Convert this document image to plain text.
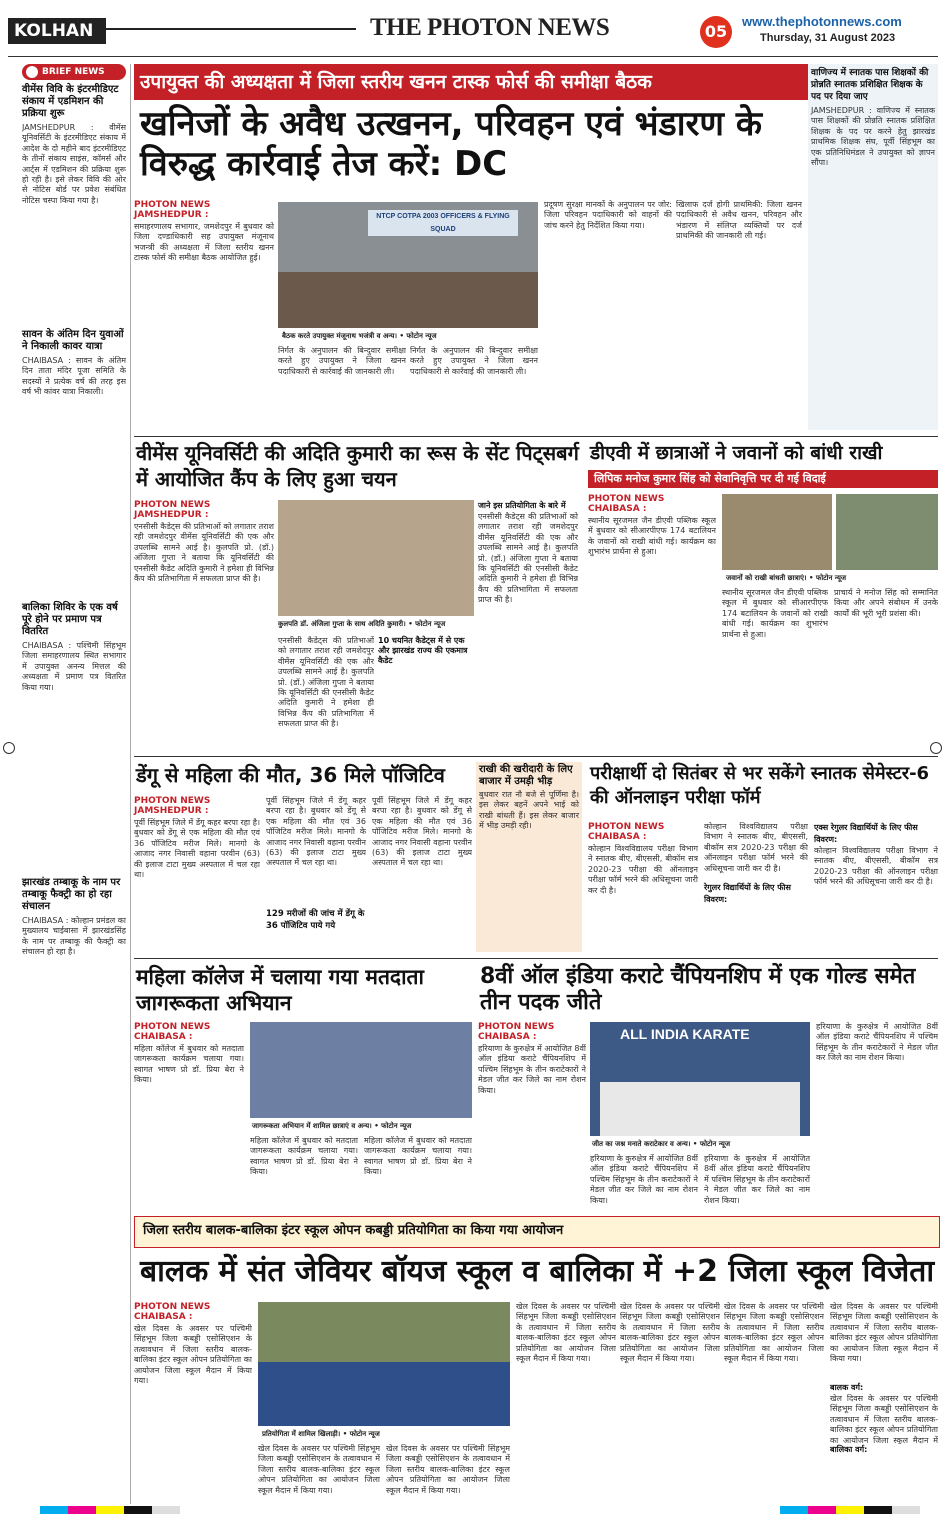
KOLHAN	THE PHOTON NEWS	05
www.thephotonnews.com
Thursday, 31 August 2023
$^{BRIEF NEWS}$
वीमेंस विवि के इंटरमीडिएट संकाय में एडमिशन की प्रक्रिया शुरू
JAMSHEDPUR : वीमेंस यूनिवर्सिटी के इंटरमीडिएट संकाय में आदेश के दो महीने बाद इंटरमीडिएट के तीनों संकाय साइंस, कॉमर्स और आर्ट्स में एडमिशन की प्रक्रिया शुरू हो रही है। इसे लेकर विवि की ओर से नोटिस बोर्ड पर प्रवेश संबंधित नोटिस चस्पा किया गया है।
सावन के अंतिम दिन युवाओं ने निकाली कावर यात्रा
CHAIBASA : सावन के अंतिम दिन ताता मंदिर पूजा समिति के सदस्यों ने प्रत्येक वर्ष की तरह इस वर्ष भी कांवर यात्रा निकाली।
बालिका शिविर के एक वर्ष पूरे होने पर प्रमाण पत्र वितरित
CHAIBASA : पश्चिमी सिंहभूम जिला समाहरणालय स्थित सभागार में उपायुक्त अनन्य मित्तल की अध्यक्षता में प्रमाण पत्र वितरित किया गया।
झारखंड तम्बाकू के नाम पर तम्बाकू फैक्ट्री का हो रहा संचालन
CHAIBASA : कोल्हान प्रमंडल का मुख्यालय चाईबासा में झारखंडसिंह के नाम पर तम्बाकू की फैक्ट्री का संचालन हो रहा है।
उपायुक्त की अध्यक्षता में जिला स्तरीय खनन टास्क फोर्स की समीक्षा बैठक
खनिजों के अवैध उत्खनन, परिवहन एवं भंडारण के विरुद्ध कार्रवाई तेज करें: DC
PHOTON NEWS JAMSHEDPUR :
समाहरणालय सभागार, जमशेदपुर में बुधवार को जिला दण्डाधिकारी सह उपायुक्त मंजूनाथ भजन्त्री की अध्यक्षता में जिला स्तरीय खनन टास्क फोर्स की समीक्षा बैठक आयोजित हुई।
NTCP COTPA 2003 OFFICERS & FLYING SQUAD
बैठक करते उपायुक्त मंजूनाथ भजंत्री व अन्य। • फोटोन न्यूज
निर्गत के अनुपालन की बिन्दुवार समीक्षा करते हुए उपायुक्त ने जिला खनन पदाधिकारी से कार्रवाई की जानकारी ली।
निर्गत के अनुपालन की बिन्दुवार समीक्षा करते हुए उपायुक्त ने जिला खनन पदाधिकारी से कार्रवाई की जानकारी ली।
प्रदूषण सुरक्षा मानकों के अनुपालन पर जोर: जिला परिवहन पदाधिकारी को वाहनों की जांच करने हेतु निर्देशित किया गया।
खिलाफ दर्ज होगी प्राथमिकी: जिला खनन पदाधिकारी से अवैध खनन, परिवहन और भंडारण में संलिप्त व्यक्तियों पर दर्ज प्राथमिकी की जानकारी ली गई।
वाणिज्य में स्नातक पास शिक्षकों की प्रोन्नति स्नातक प्रशिक्षित शिक्षक के पद पर दिया जाए
JAMSHEDPUR : वाणिज्य में स्नातक पास शिक्षकों की प्रोन्नति स्नातक प्रशिक्षित शिक्षक के पद पर करने हेतु झारखंड प्राथमिक शिक्षक संघ, पूर्वी सिंहभूम का एक प्रतिनिधिमंडल ने उपायुक्त को ज्ञापन सौंपा।
वीमेंस यूनिवर्सिटी की अदिति कुमारी का रूस के सेंट पिट्सबर्ग में आयोजित कैंप के लिए हुआ चयन
PHOTON NEWS JAMSHEDPUR :
एनसीसी कैडेट्स की प्रतिभाओं को लगातार तराश रही जमशेदपुर वीमेंस यूनिवर्सिटी की एक और उपलब्धि सामने आई है। कुलपति प्रो. (डॉ.) अंजिला गुप्ता ने बताया कि यूनिवर्सिटी की एनसीसी कैडेट अदिति कुमारी ने हमेशा ही विभिन्न कैंप की प्रतिभागिता में सफलता प्राप्त की है।
कुलपति डॉ. अंजिला गुप्ता के साथ अदिति कुमारी। • फोटोन न्यूज
एनसीसी कैडेट्स की प्रतिभाओं को लगातार तराश रही जमशेदपुर वीमेंस यूनिवर्सिटी की एक और उपलब्धि सामने आई है। कुलपति प्रो. (डॉ.) अंजिला गुप्ता ने बताया कि यूनिवर्सिटी की एनसीसी कैडेट अदिति कुमारी ने हमेशा ही विभिन्न कैंप की प्रतिभागिता में सफलता प्राप्त की है।
10 चयनित कैडेट्स में से एक और झारखंड राज्य की एकमात्र कैडेट
जाने इस प्रतियोगिता के बारे में
एनसीसी कैडेट्स की प्रतिभाओं को लगातार तराश रही जमशेदपुर वीमेंस यूनिवर्सिटी की एक और उपलब्धि सामने आई है। कुलपति प्रो. (डॉ.) अंजिला गुप्ता ने बताया कि यूनिवर्सिटी की एनसीसी कैडेट अदिति कुमारी ने हमेशा ही विभिन्न कैंप की प्रतिभागिता में सफलता प्राप्त की है।
डीएवी में छात्राओं ने जवानों को बांधी राखी
लिपिक मनोज कुमार सिंह को सेवानिवृत्ति पर दी गई विदाई
PHOTON NEWS CHAIBASA :
स्थानीय सूरजमल जैन डीएवी पब्लिक स्कूल में बुधवार को सीआरपीएफ 174 बटालियन के जवानों को राखी बांधी गई। कार्यक्रम का शुभारंभ प्रार्थना से हुआ।
जवानों को राखी बांधती छात्राएं। • फोटोन न्यूज
स्थानीय सूरजमल जैन डीएवी पब्लिक स्कूल में बुधवार को सीआरपीएफ 174 बटालियन के जवानों को राखी बांधी गई। कार्यक्रम का शुभारंभ प्रार्थना से हुआ।
प्राचार्य ने मनोज सिंह को सम्मानित किया और अपने संबोधन में उनके कार्यों की भूरी भूरी प्रशंसा की।
डेंगू से महिला की मौत, 36 मिले पॉजिटिव
PHOTON NEWS JAMSHEDPUR :
पूर्वी सिंहभूम जिले में डेंगू कहर बरपा रहा है। बुधवार को डेंगू से एक महिला की मौत एवं 36 पॉजिटिव मरीज मिले। मानगो के आजाद नगर निवासी वहाना परवीन (63) की इलाज टाटा मुख्य अस्पताल में चल रहा था।
पूर्वी सिंहभूम जिले में डेंगू कहर बरपा रहा है। बुधवार को डेंगू से एक महिला की मौत एवं 36 पॉजिटिव मरीज मिले। मानगो के आजाद नगर निवासी वहाना परवीन (63) की इलाज टाटा मुख्य अस्पताल में चल रहा था।
129 मरीजों की जांच में डेंगू के 36 पॉजिटिव पाये गये
पूर्वी सिंहभूम जिले में डेंगू कहर बरपा रहा है। बुधवार को डेंगू से एक महिला की मौत एवं 36 पॉजिटिव मरीज मिले। मानगो के आजाद नगर निवासी वहाना परवीन (63) की इलाज टाटा मुख्य अस्पताल में चल रहा था।
राखी की खरीदारी के लिए बाजार में उमड़ी भीड़
बुधवार रात नौ बजे से पूर्णिमा है। इस लेकर बहनें अपने भाई को राखी बांधती हैं। इस लेकर बाजार में भीड़ उमड़ी रही।
परीक्षार्थी दो सितंबर से भर सकेंगे स्नातक सेमेस्टर-6 की ऑनलाइन परीक्षा फॉर्म
PHOTON NEWS CHAIBASA :
कोल्हान विश्वविद्यालय परीक्षा विभाग ने स्नातक बीए, बीएससी, बीकॉम सत्र 2020-23 परीक्षा की ऑनलाइन परीक्षा फॉर्म भरने की अधिसूचना जारी कर दी है।
कोल्हान विश्वविद्यालय परीक्षा विभाग ने स्नातक बीए, बीएससी, बीकॉम सत्र 2020-23 परीक्षा की ऑनलाइन परीक्षा फॉर्म भरने की अधिसूचना जारी कर दी है।
रेगुलर विद्यार्थियों के लिए फीस विवरण:
एक्स रेगुलर विद्यार्थियों के लिए फीस विवरण:
कोल्हान विश्वविद्यालय परीक्षा विभाग ने स्नातक बीए, बीएससी, बीकॉम सत्र 2020-23 परीक्षा की ऑनलाइन परीक्षा फॉर्म भरने की अधिसूचना जारी कर दी है।
महिला कॉलेज में चलाया गया मतदाता जागरूकता अभियान
PHOTON NEWS CHAIBASA :
महिला कॉलेज में बुधवार को मतदाता जागरूकता कार्यक्रम चलाया गया। स्वागत भाषण प्रो डॉ. प्रिया बेरा ने किया।
जागरूकता अभियान में शामिल छात्राएं व अन्य। • फोटोन न्यूज
महिला कॉलेज में बुधवार को मतदाता जागरूकता कार्यक्रम चलाया गया। स्वागत भाषण प्रो डॉ. प्रिया बेरा ने किया।
महिला कॉलेज में बुधवार को मतदाता जागरूकता कार्यक्रम चलाया गया। स्वागत भाषण प्रो डॉ. प्रिया बेरा ने किया।
8वीं ऑल इंडिया कराटे चैंपियनशिप में एक गोल्ड समेत तीन पदक जीते
PHOTON NEWS CHAIBASA :
हरियाणा के कुरुक्षेत्र में आयोजित 8वीं ऑल इंडिया कराटे चैंपियनशिप में पश्चिम सिंहभूम के तीन कराटेकारों ने मेडल जीत कर जिले का नाम रोशन किया।
ALL INDIA KARATE
जीत का जश्न मनाते कराटेकार व अन्य। • फोटोन न्यूज
हरियाणा के कुरुक्षेत्र में आयोजित 8वीं ऑल इंडिया कराटे चैंपियनशिप में पश्चिम सिंहभूम के तीन कराटेकारों ने मेडल जीत कर जिले का नाम रोशन किया।
हरियाणा के कुरुक्षेत्र में आयोजित 8वीं ऑल इंडिया कराटे चैंपियनशिप में पश्चिम सिंहभूम के तीन कराटेकारों ने मेडल जीत कर जिले का नाम रोशन किया।
हरियाणा के कुरुक्षेत्र में आयोजित 8वीं ऑल इंडिया कराटे चैंपियनशिप में पश्चिम सिंहभूम के तीन कराटेकारों ने मेडल जीत कर जिले का नाम रोशन किया।
जिला स्तरीय बालक-बालिका इंटर स्कूल ओपन कबड्डी प्रतियोगिता का किया गया आयोजन
बालक में संत जेवियर बॉयज स्कूल व बालिका में +2 जिला स्कूल विजेता
PHOTON NEWS CHAIBASA :
खेल दिवस के अवसर पर पश्चिमी सिंहभूम जिला कबड्डी एसोसिएशन के तत्वावधान में जिला स्तरीय बालक-बालिका इंटर स्कूल ओपन प्रतियोगिता का आयोजन जिला स्कूल मैदान में किया गया।
प्रतियोगिता में शामिल खिलाड़ी। • फोटोन न्यूज
खेल दिवस के अवसर पर पश्चिमी सिंहभूम जिला कबड्डी एसोसिएशन के तत्वावधान में जिला स्तरीय बालक-बालिका इंटर स्कूल ओपन प्रतियोगिता का आयोजन जिला स्कूल मैदान में किया गया।
खेल दिवस के अवसर पर पश्चिमी सिंहभूम जिला कबड्डी एसोसिएशन के तत्वावधान में जिला स्तरीय बालक-बालिका इंटर स्कूल ओपन प्रतियोगिता का आयोजन जिला स्कूल मैदान में किया गया।
खेल दिवस के अवसर पर पश्चिमी सिंहभूम जिला कबड्डी एसोसिएशन के तत्वावधान में जिला स्तरीय बालक-बालिका इंटर स्कूल ओपन प्रतियोगिता का आयोजन जिला स्कूल मैदान में किया गया।
खेल दिवस के अवसर पर पश्चिमी सिंहभूम जिला कबड्डी एसोसिएशन के तत्वावधान में जिला स्तरीय बालक-बालिका इंटर स्कूल ओपन प्रतियोगिता का आयोजन जिला स्कूल मैदान में किया गया।
खेल दिवस के अवसर पर पश्चिमी सिंहभूम जिला कबड्डी एसोसिएशन के तत्वावधान में जिला स्तरीय बालक-बालिका इंटर स्कूल ओपन प्रतियोगिता का आयोजन जिला स्कूल मैदान में किया गया।
खेल दिवस के अवसर पर पश्चिमी सिंहभूम जिला कबड्डी एसोसिएशन के तत्वावधान में जिला स्तरीय बालक-बालिका इंटर स्कूल ओपन प्रतियोगिता का आयोजन जिला स्कूल मैदान में किया गया।
बालक वर्ग:
खेल दिवस के अवसर पर पश्चिमी सिंहभूम जिला कबड्डी एसोसिएशन के तत्वावधान में जिला स्तरीय बालक-बालिका इंटर स्कूल ओपन प्रतियोगिता का आयोजन जिला स्कूल मैदान में
बालिका वर्ग:
